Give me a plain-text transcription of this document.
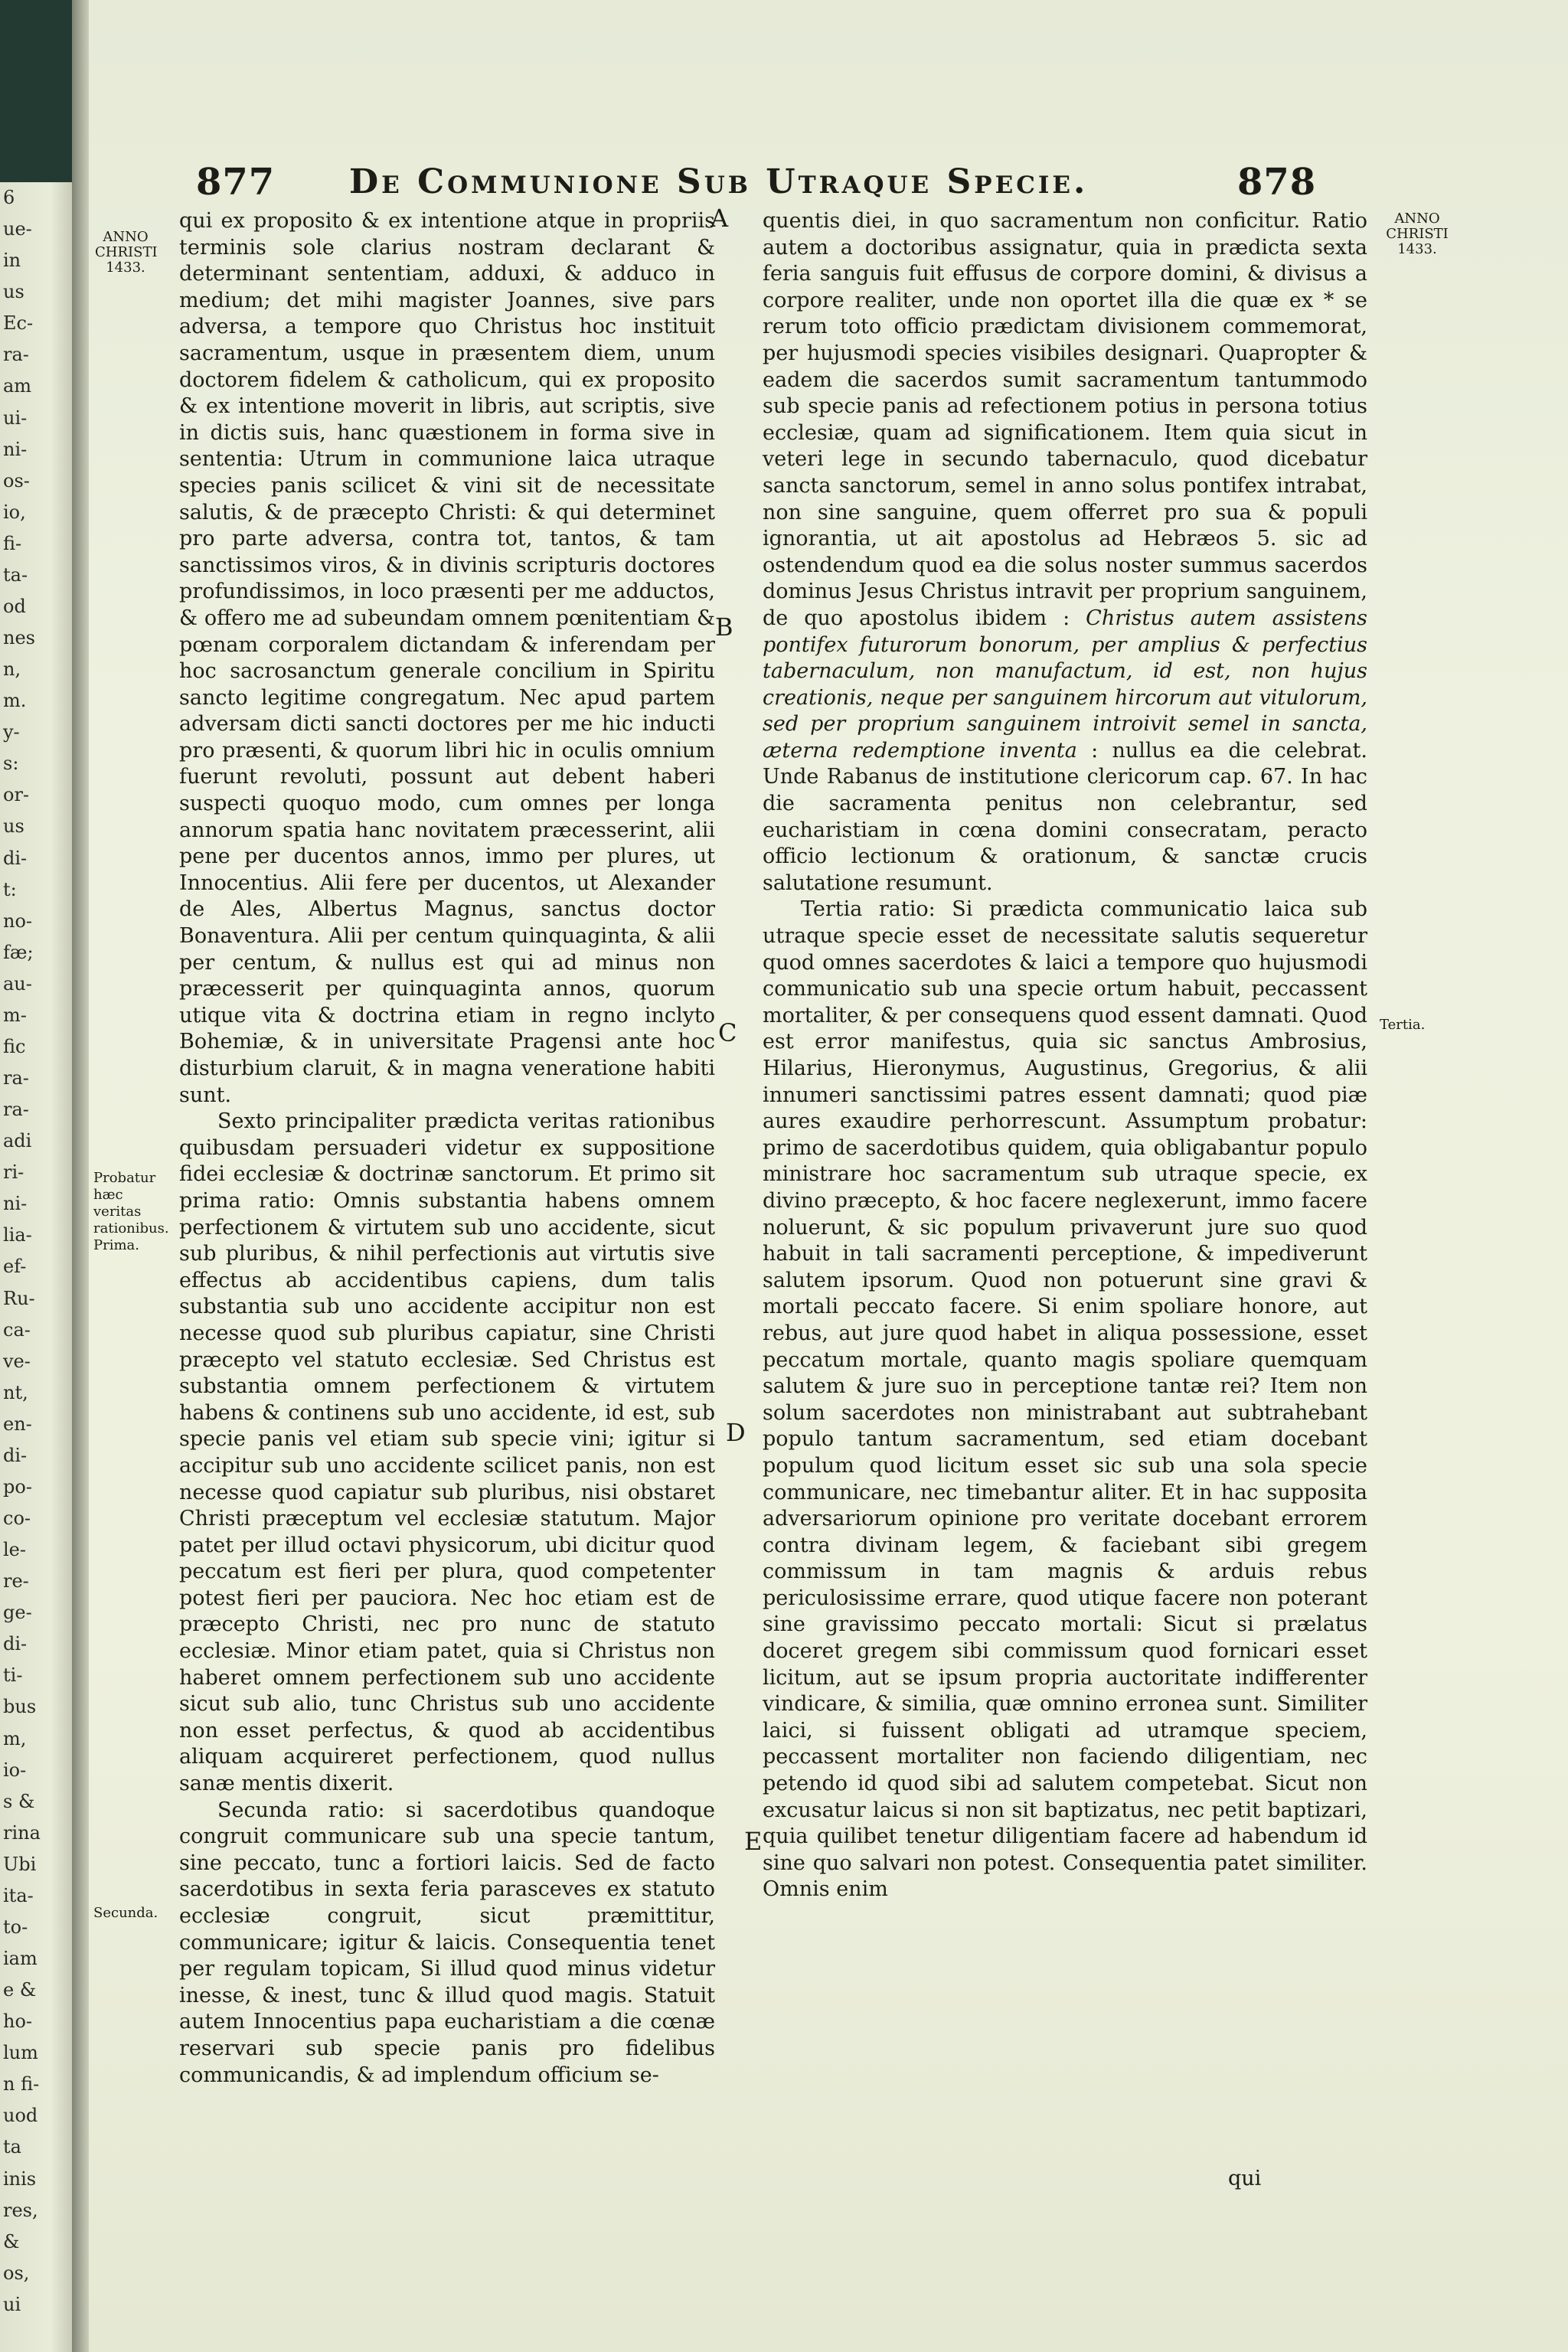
6
ue-
in
us
Ec-
ra-
am
ui-
ni-
os-
io,
fi-
ta-
od
nes
n,
m.
y-
s:
or-
us
di-
t:
no-
fæ;
au-
m-
fic
ra-
ra-
adi
ri-
ni-
lia-
ef-
Ru-
ca-
ve-
nt,
en-
di-
po-
co-
le-
re-
ge-
di-
ti-
bus
m,
io-
s &
rina
Ubi
ita-
to-
iam
e &
ho-
lum
n fi-
uod
ta
inis
res,
&
os,
ui
877 De Communione Sub Utraque Specie.	878
ANNO CHRISTI
1433.
Probatur hæc veritas rationibus. Prima.
Secunda.
A
B
C
D
E

qui ex proposito & ex intentione atque in propriis terminis sole clarius nostram declarant & determinant sententiam, adduxi, & adduco in medium; det mihi magister Joannes, sive pars adversa, a tempore quo Christus hoc instituit sacramentum, usque in præsentem diem, unum doctorem fidelem & catholicum, qui ex proposito & ex intentione moverit in libris, aut scriptis, sive in dictis suis, hanc quæstionem in forma sive in sententia: Utrum in communione laica utraque species panis scilicet & vini sit de necessitate salutis, & de præcepto Christi: & qui determinet pro parte adversa, contra tot, tantos, & tam sanctissimos viros, & in divinis scripturis doctores profundissimos, in loco præsenti per me adductos, & offero me ad subeundam omnem pœnitentiam & pœnam corporalem dictandam & inferendam per hoc sacrosanctum generale concilium in Spiritu sancto legitime congregatum. Nec apud partem adversam dicti sancti doctores per me hic inducti pro præsenti, & quorum libri hic in oculis omnium fuerunt revoluti, possunt aut debent haberi suspecti quoquo modo, cum omnes per longa annorum spatia hanc novitatem præcesserint, alii pene per ducentos annos, immo per plures, ut Innocentius. Alii fere per ducentos, ut Alexander de Ales, Albertus Magnus, sanctus doctor Bonaventura. Alii per centum quinquaginta, & alii per centum, & nullus est qui ad minus non præcesserit per quinquaginta annos, quorum utique vita & doctrina etiam in regno inclyto Bohemiæ, & in universitate Pragensi ante hoc disturbium claruit, & in magna veneratione habiti sunt.

Sexto principaliter prædicta veritas rationibus quibusdam persuaderi videtur ex suppositione fidei ecclesiæ & doctrinæ sanctorum. Et primo sit prima ratio: Omnis substantia habens omnem perfectionem & virtutem sub uno accidente, sicut sub pluribus, & nihil perfectionis aut virtutis sive effectus ab accidentibus capiens, dum talis substantia sub uno accidente accipitur non est necesse quod sub pluribus capiatur, sine Christi præcepto vel statuto ecclesiæ. Sed Christus est substantia omnem perfectionem & virtutem habens & continens sub uno accidente, id est, sub specie panis vel etiam sub specie vini; igitur si accipitur sub uno accidente scilicet panis, non est necesse quod capiatur sub pluribus, nisi obstaret Christi præceptum vel ecclesiæ statutum. Major patet per illud octavi physicorum, ubi dicitur quod peccatum est fieri per plura, quod competenter potest fieri per pauciora. Nec hoc etiam est de præcepto Christi, nec pro nunc de statuto ecclesiæ. Minor etiam patet, quia si Christus non haberet omnem perfectionem sub uno accidente sicut sub alio, tunc Christus sub uno accidente non esset perfectus, & quod ab accidentibus aliquam acquireret perfectionem, quod nullus sanæ mentis dixerit.

Secunda ratio: si sacerdotibus quandoque congruit communicare sub una specie tantum, sine peccato, tunc a fortiori laicis. Sed de facto sacerdotibus in sexta feria parasceves ex statuto ecclesiæ congruit, sicut præmittitur, communicare; igitur & laicis. Consequentia tenet per regulam topicam, Si illud quod minus videtur inesse, & inest, tunc & illud quod magis. Statuit autem Innocentius papa eucharistiam a die cœnæ reservari sub specie panis pro fidelibus communicandis, & ad implendum officium se-

quentis diei, in quo sacramentum non conficitur. Ratio autem a doctoribus assignatur, quia in prædicta sexta feria sanguis fuit effusus de corpore domini, & divisus a corpore realiter, unde non oportet illa die quæ ex * se rerum toto officio prædictam divisionem commemorat, per hujusmodi species visibiles designari. Quapropter & eadem die sacerdos sumit sacramentum tantummodo sub specie panis ad refectionem potius in persona totius ecclesiæ, quam ad significationem. Item quia sicut in veteri lege in secundo tabernaculo, quod dicebatur sancta sanctorum, semel in anno solus pontifex intrabat, non sine sanguine, quem offerret pro sua & populi ignorantia, ut ait apostolus ad Hebræos 5. sic ad ostendendum quod ea die solus noster summus sacerdos dominus Jesus Christus intravit per proprium sanguinem, de quo apostolus ibidem : Christus autem assistens pontifex futurorum bonorum, per amplius & perfectius tabernaculum, non manufactum, id est, non hujus creationis, neque per sanguinem hircorum aut vitulorum, sed per proprium sanguinem introivit semel in sancta, æterna redemptione inventa : nullus ea die celebrat. Unde Rabanus de institutione clericorum cap. 67. In hac die sacramenta penitus non celebrantur, sed eucharistiam in cœna domini consecratam, peracto officio lectionum & orationum, & sanctæ crucis salutatione resumunt.

Tertia ratio: Si prædicta communicatio laica sub utraque specie esset de necessitate salutis sequeretur quod omnes sacerdotes & laici a tempore quo hujusmodi communicatio sub una specie ortum habuit, peccassent mortaliter, & per consequens quod essent damnati. Quod est error manifestus, quia sic sanctus Ambrosius, Hilarius, Hieronymus, Augustinus, Gregorius, & alii innumeri sanctissimi patres essent damnati; quod piæ aures exaudire perhorrescunt. Assumptum probatur: primo de sacerdotibus quidem, quia obligabantur populo ministrare hoc sacramentum sub utraque specie, ex divino præcepto, & hoc facere neglexerunt, immo facere noluerunt, & sic populum privaverunt jure suo quod habuit in tali sacramenti perceptione, & impediverunt salutem ipsorum. Quod non potuerunt sine gravi & mortali peccato facere. Si enim spoliare honore, aut rebus, aut jure quod habet in aliqua possessione, esset peccatum mortale, quanto magis spoliare quemquam salutem & jure suo in perceptione tantæ rei? Item non solum sacerdotes non ministrabant aut subtrahebant populo tantum sacramentum, sed etiam docebant populum quod licitum esset sic sub una sola specie communicare, nec timebantur aliter. Et in hac supposita adversariorum opinione pro veritate docebant errorem contra divinam legem, & faciebant sibi gregem commissum in tam magnis & arduis rebus periculosissime errare, quod utique facere non poterant sine gravissimo peccato mortali: Sicut si prælatus doceret gregem sibi commissum quod fornicari esset licitum, aut se ipsum propria auctoritate indifferenter vindicare, & similia, quæ omnino erronea sunt. Similiter laici, si fuissent obligati ad utramque speciem, peccassent mortaliter non faciendo diligentiam, nec petendo id quod sibi ad salutem competebat. Sicut non excusatur laicus si non sit baptizatus, nec petit baptizari, quia quilibet tenetur diligentiam facere ad habendum id sine quo salvari non potest. Consequentia patet similiter. Omnis enim

qui
ANNO CHRISTI
1433.
Tertia.
